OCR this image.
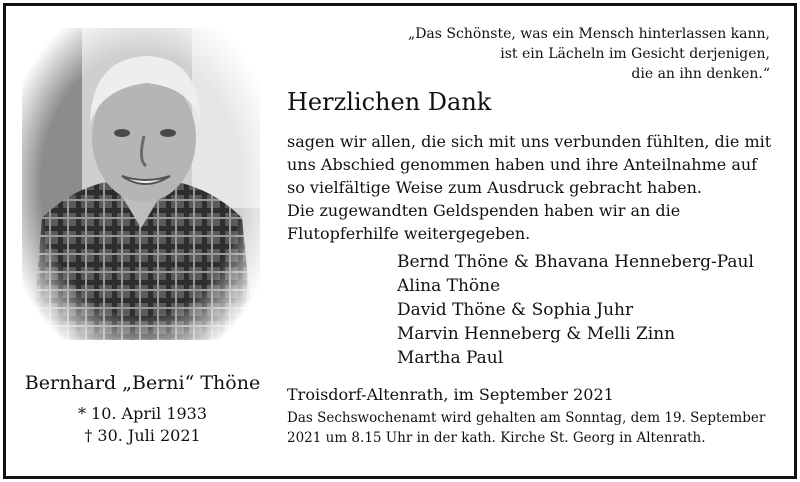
Bernhard „Berni“ Thöne
* 10. April 1933
† 30. Juli 2021
„Das Schönste, was ein Mensch hinterlassen kann,
ist ein Lächeln im Gesicht derjenigen,
die an ihn denken.“
Herzlichen Dank
sagen wir allen, die sich mit uns verbunden fühlten, die mit
uns Abschied genommen haben und ihre Anteilnahme auf
so vielfältige Weise zum Ausdruck gebracht haben.
Die zugewandten Geldspenden haben wir an die
Flutopferhilfe weitergegeben.
Bernd Thöne & Bhavana Henneberg-Paul
Alina Thöne
David Thöne & Sophia Juhr
Marvin Henneberg & Melli Zinn
Martha Paul
Troisdorf-Altenrath, im September 2021
Das Sechswochenamt wird gehalten am Sonntag, dem 19. September
2021 um 8.15 Uhr in der kath. Kirche St. Georg in Altenrath.
